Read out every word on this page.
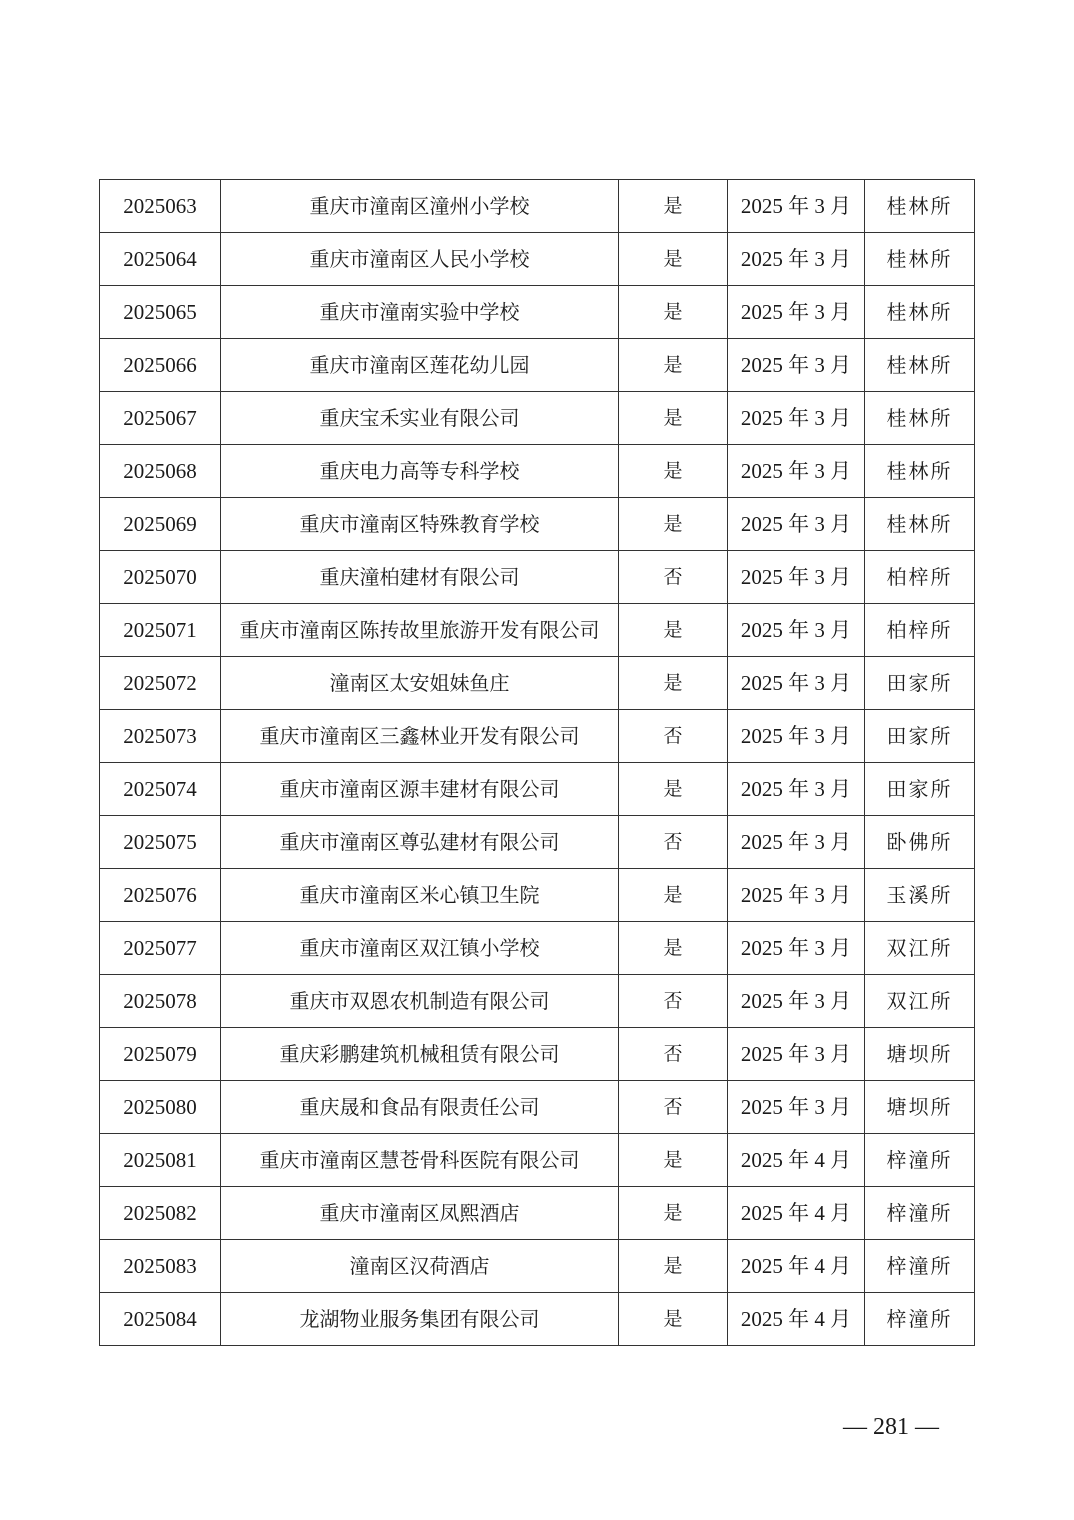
2025063	重庆市潼南区潼州小学校	是	2025 年 3 月	桂林所
2025064	重庆市潼南区人民小学校	是	2025 年 3 月	桂林所
2025065	重庆市潼南实验中学校	是	2025 年 3 月	桂林所
2025066	重庆市潼南区莲花幼儿园	是	2025 年 3 月	桂林所
2025067	重庆宝禾实业有限公司	是	2025 年 3 月	桂林所
2025068	重庆电力高等专科学校	是	2025 年 3 月	桂林所
2025069	重庆市潼南区特殊教育学校	是	2025 年 3 月	桂林所
2025070	重庆潼柏建材有限公司	否	2025 年 3 月	柏梓所
2025071	重庆市潼南区陈抟故里旅游开发有限公司	是	2025 年 3 月	柏梓所
2025072	潼南区太安姐妹鱼庄	是	2025 年 3 月	田家所
2025073	重庆市潼南区三鑫林业开发有限公司	否	2025 年 3 月	田家所
2025074	重庆市潼南区源丰建材有限公司	是	2025 年 3 月	田家所
2025075	重庆市潼南区尊弘建材有限公司	否	2025 年 3 月	卧佛所
2025076	重庆市潼南区米心镇卫生院	是	2025 年 3 月	玉溪所
2025077	重庆市潼南区双江镇小学校	是	2025 年 3 月	双江所
2025078	重庆市双恩农机制造有限公司	否	2025 年 3 月	双江所
2025079	重庆彩鹏建筑机械租赁有限公司	否	2025 年 3 月	塘坝所
2025080	重庆晟和食品有限责任公司	否	2025 年 3 月	塘坝所
2025081	重庆市潼南区慧苍骨科医院有限公司	是	2025 年 4 月	梓潼所
2025082	重庆市潼南区凤熙酒店	是	2025 年 4 月	梓潼所
2025083	潼南区汉荷酒店	是	2025 年 4 月	梓潼所
2025084	龙湖物业服务集团有限公司	是	2025 年 4 月	梓潼所
— 281 —
